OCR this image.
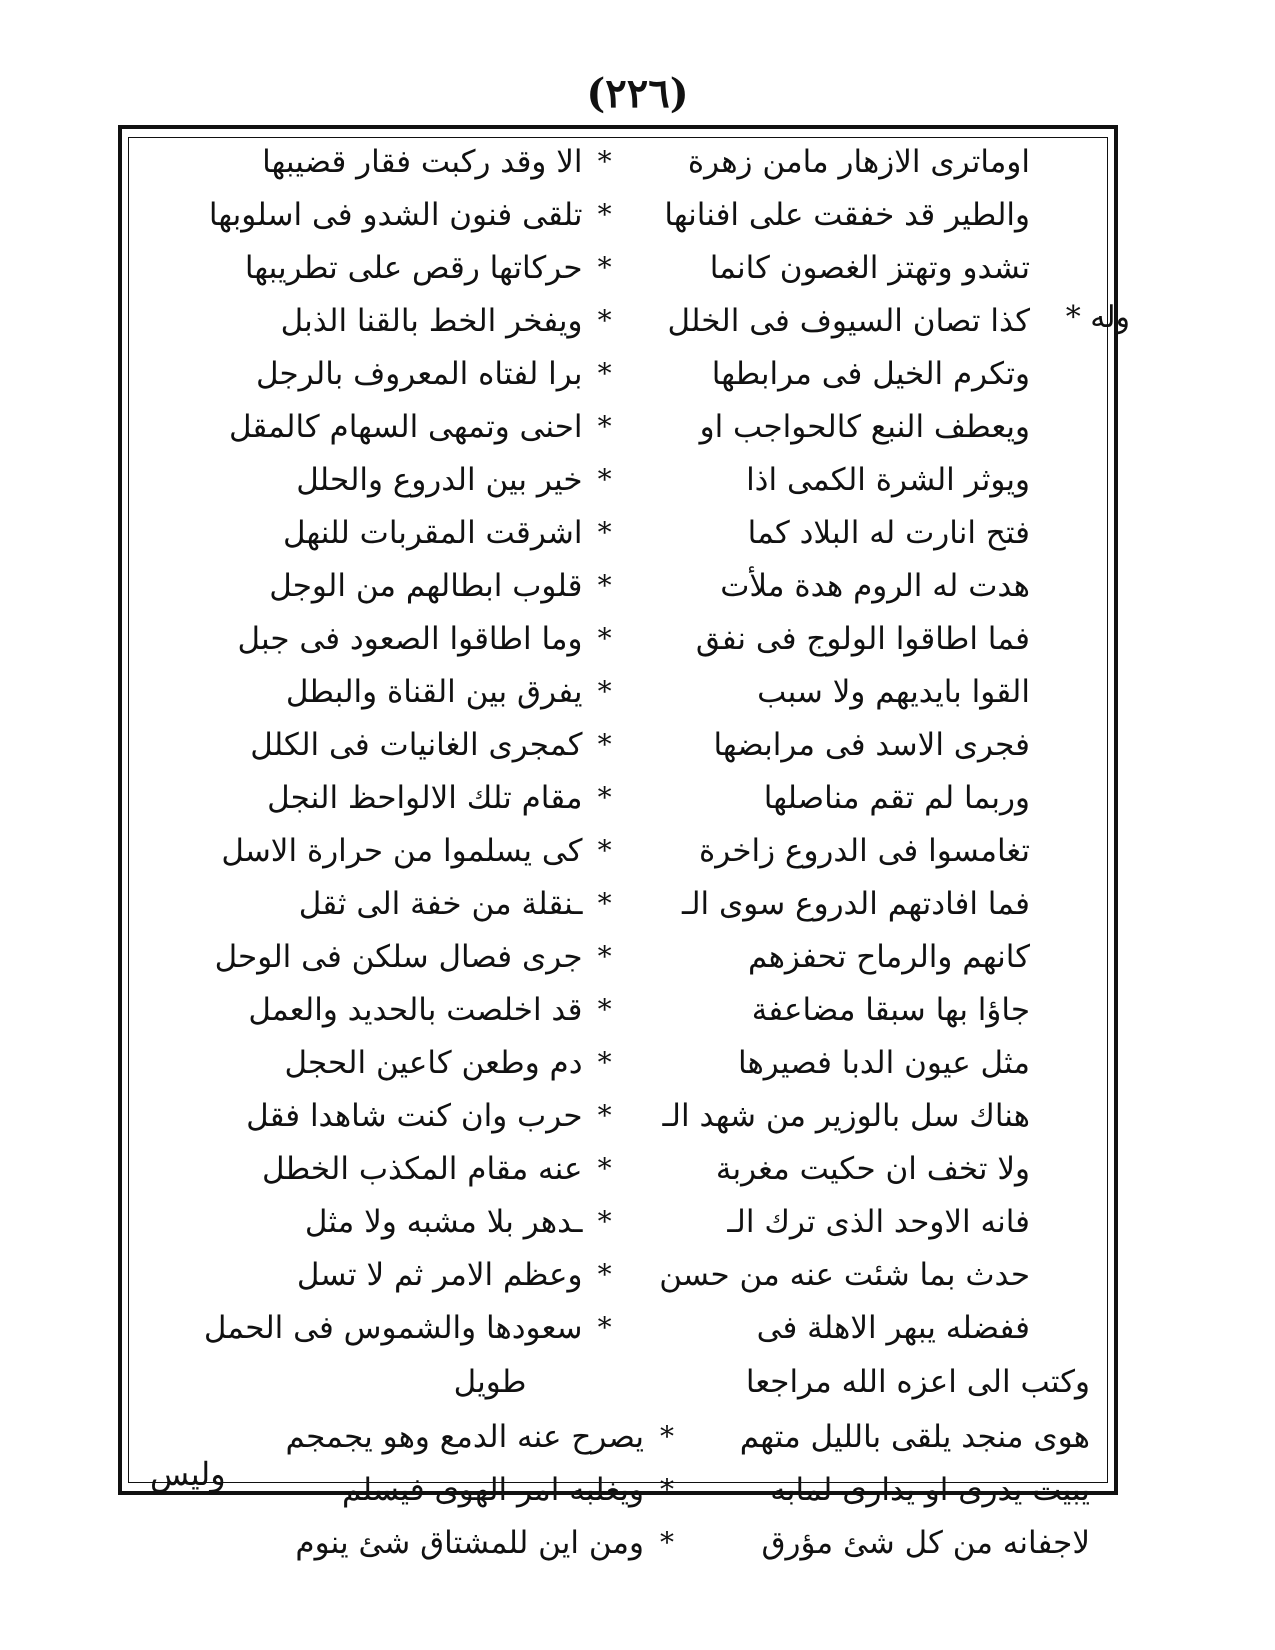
(٢٢٦)
اوماترى الازهار مامن زهرة
*
الا وقد ركبت فقار قضيبها
والطير قد خفقت على افنانها
*
تلقى فنون الشدو فى اسلوبها
تشدو وتهتز الغصون كانما
*
حركاتها رقص على تطريبها
وله *
كذا تصان السيوف فى الخلل
*
ويفخر الخط بالقنا الذبل
وتكرم الخيل فى مرابطها
*
برا لفتاه المعروف بالرجل
ويعطف النبع كالحواجب او
*
احنى وتمهى السهام كالمقل
ويوثر الشرة الكمى اذا
*
خير بين الدروع والحلل
فتح انارت له البلاد كما
*
اشرقت المقربات للنهل
هدت له الروم هدة ملأت
*
قلوب ابطالهم من الوجل
فما اطاقوا الولوج فى نفق
*
وما اطاقوا الصعود فى جبل
القوا بايديهم ولا سبب
*
يفرق بين القناة والبطل
فجرى الاسد فى مرابضها
*
كمجرى الغانيات فى الكلل
وربما لم تقم مناصلها
*
مقام تلك الالواحظ النجل
تغامسوا فى الدروع زاخرة
*
كى يسلموا من حرارة الاسل
فما افادتهم الدروع سوى الـ
*
ـنقلة من خفة الى ثقل
كانهم والرماح تحفزهم
*
جرى فصال سلكن فى الوحل
جاؤا بها سبقا مضاعفة
*
قد اخلصت بالحديد والعمل
مثل عيون الدبا فصيرها
*
دم وطعن كاعين الحجل
هناك سل بالوزير من شهد الـ
*
حرب وان كنت شاهدا فقل
ولا تخف ان حكيت مغربة
*
عنه مقام المكذب الخطل
فانه الاوحد الذى ترك الـ
*
ـدهر بلا مشبه ولا مثل
حدث بما شئت عنه من حسن
*
وعظم الامر ثم لا تسل
ففضله يبهر الاهلة فى
*
سعودها والشموس فى الحمل
وكتب الى اعزه الله مراجعا
طويل
هوى منجد يلقى بالليل متهم
*
يصرح عنه الدمع وهو يجمجم
يبيت يدرى او يدارى لمابه
*
ويغلبه امر الهوى فيسلم
لاجفانه من كل شئ مؤرق
*
ومن اين للمشتاق شئ ينوم
وليس
